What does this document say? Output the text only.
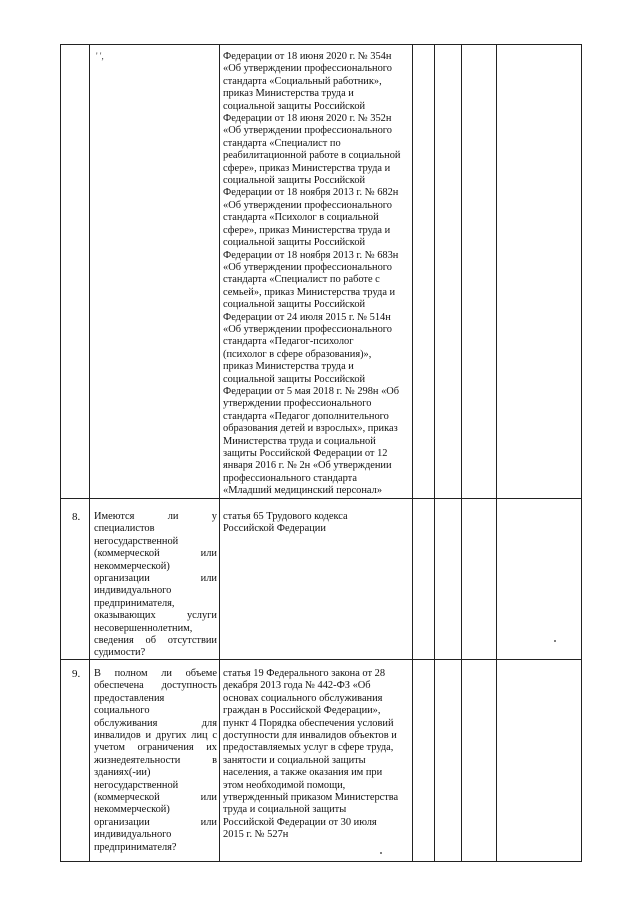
' ',	Федерации от 18 июня 2020 г. № 354н
«Об утверждении профессионального
стандарта «Социальный работник»,
приказ Министерства труда и
социальной защиты Российской
Федерации от 18 июня 2020 г. № 352н
«Об утверждении профессионального
стандарта «Специалист по
реабилитационной работе в социальной
сфере», приказ Министерства труда и
социальной защиты Российской
Федерации от 18 ноября 2013 г. № 682н
«Об утверждении профессионального
стандарта «Психолог в социальной
сфере», приказ Министерства труда и
социальной защиты Российской
Федерации от 18 ноября 2013 г. № 683н
«Об утверждении профессионального
стандарта «Специалист по работе с
семьей», приказ Министерства труда и
социальной защиты Российской
Федерации от 24 июля 2015 г. № 514н
«Об утверждении профессионального
стандарта «Педагог-психолог
(психолог в сфере образования)»,
приказ Министерства труда и
социальной защиты Российской
Федерации от 5 мая 2018 г. № 298н «Об
утверждении профессионального
стандарта «Педагог дополнительного
образования детей и взрослых», приказ
Министерства труда и социальной
защиты Российской Федерации от 12
января 2016 г. № 2н «Об утверждении
профессионального стандарта
«Младший медицинский персонал»
8. Имеются ли у
специалистов
негосударственной
(коммерческой или
некоммерческой)
организации или
индивидуального
предпринимателя,
оказывающих услуги
несовершеннолетним,
сведения об отсутствии
судимости?
статья 65 Трудового кодекса
Российской Федерации
9. В полном ли объеме
обеспечена доступность
предоставления
социального
обслуживания для
инвалидов и других лиц с
учетом ограничения их
жизнедеятельности в
зданиях(-ии)
негосударственной
(коммерческой или
некоммерческой)
организации или
индивидуального
предпринимателя?
статья 19 Федерального закона от 28
декабря 2013 года № 442-ФЗ «Об
основах социального обслуживания
граждан в Российской Федерации»,
пункт 4 Порядка обеспечения условий
доступности для инвалидов объектов и
предоставляемых услуг в сфере труда,
занятости и социальной защиты
населения, а также оказания им при
этом необходимой помощи,
утвержденный приказом Министерства
труда и социальной защиты
Российской Федерации от 30 июля
2015 г. № 527н
